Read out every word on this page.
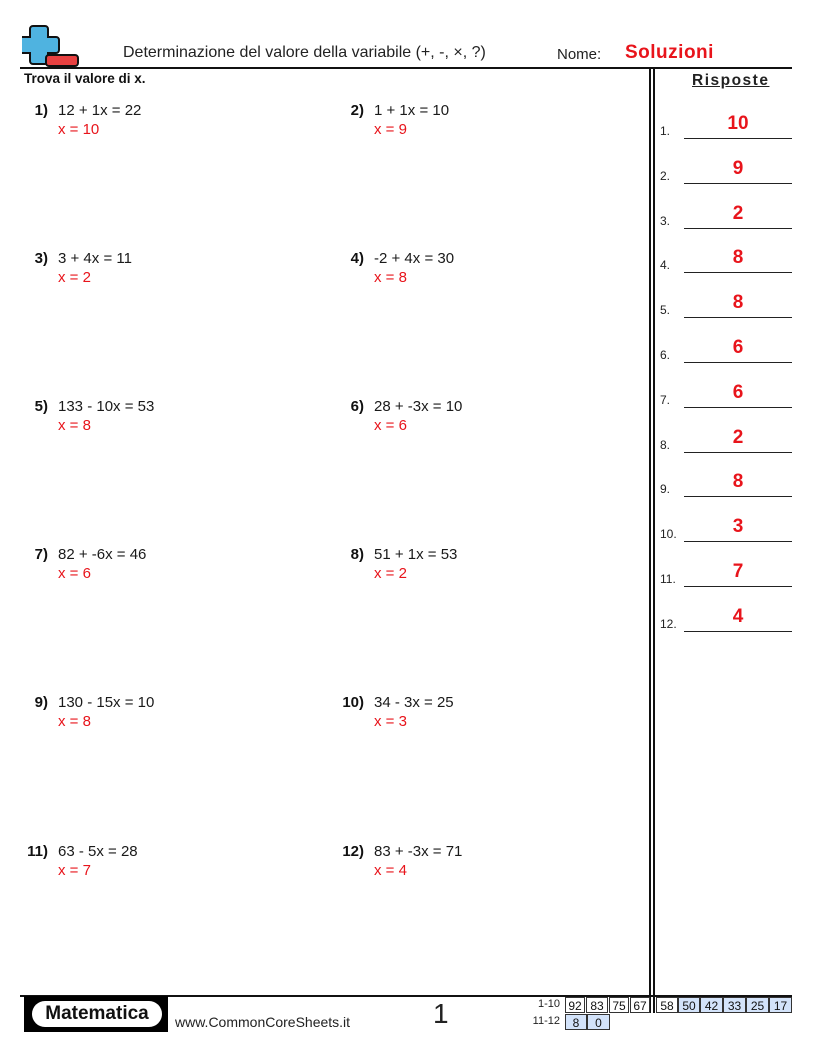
Determinazione del valore della variabile (+, -, ×, ?)	Nome: Soluzioni
Trova il valore di x.	Risposte
1) 12 + 1x = 22
x = 10
2) 1 + 1x = 10
x = 9
3) 3 + 4x = 11
x = 2
4) -2 + 4x = 30
x = 8
5) 133 - 10x = 53
x = 8
6) 28 + -3x = 10
x = 6
7) 82 + -6x = 46
x = 6
8) 51 + 1x = 53
x = 2
9) 130 - 15x = 10
x = 8
10) 34 - 3x = 25
x = 3
11) 63 - 5x = 28
x = 7
12) 83 + -3x = 71
x = 4
1.	10
2.	9
3.	2
4.	8
5.	8
6.	6
7.	6
8.	2
9.	8
10.	3
11.	7
12.	4
Matematica	www.CommonCoreSheets.it	1	1-10 92 83 75 67	58 50 42 33 25 17
11-12	8	0
